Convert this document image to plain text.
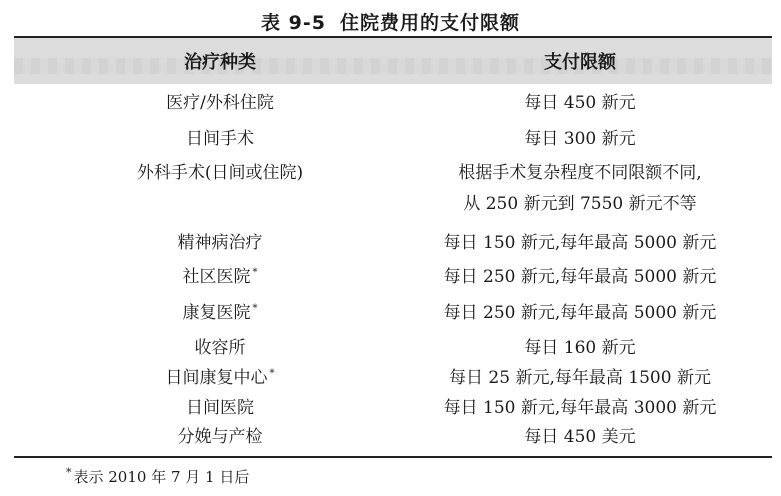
表 9-5 住院费用的支付限额
治疗种类	支付限额
医疗/外科住院	每日 450 新元
日间手术	每日 300 新元
外科手术(日间或住院)	根据手术复杂程度不同限额不同,
从 250 新元到 7550 新元不等
精神病治疗	每日 150 新元,每年最高 5000 新元
社区医院 *	每日 250 新元,每年最高 5000 新元
康复医院 *	每日 250 新元,每年最高 5000 新元
收容所	每日 160 新元
日间康复中心 *	每日 25 新元,每年最高 1500 新元
日间医院	每日 150 新元,每年最高 3000 新元
分娩与产检	每日 450 美元
* 表示 2010 年 7 月 1 日后
